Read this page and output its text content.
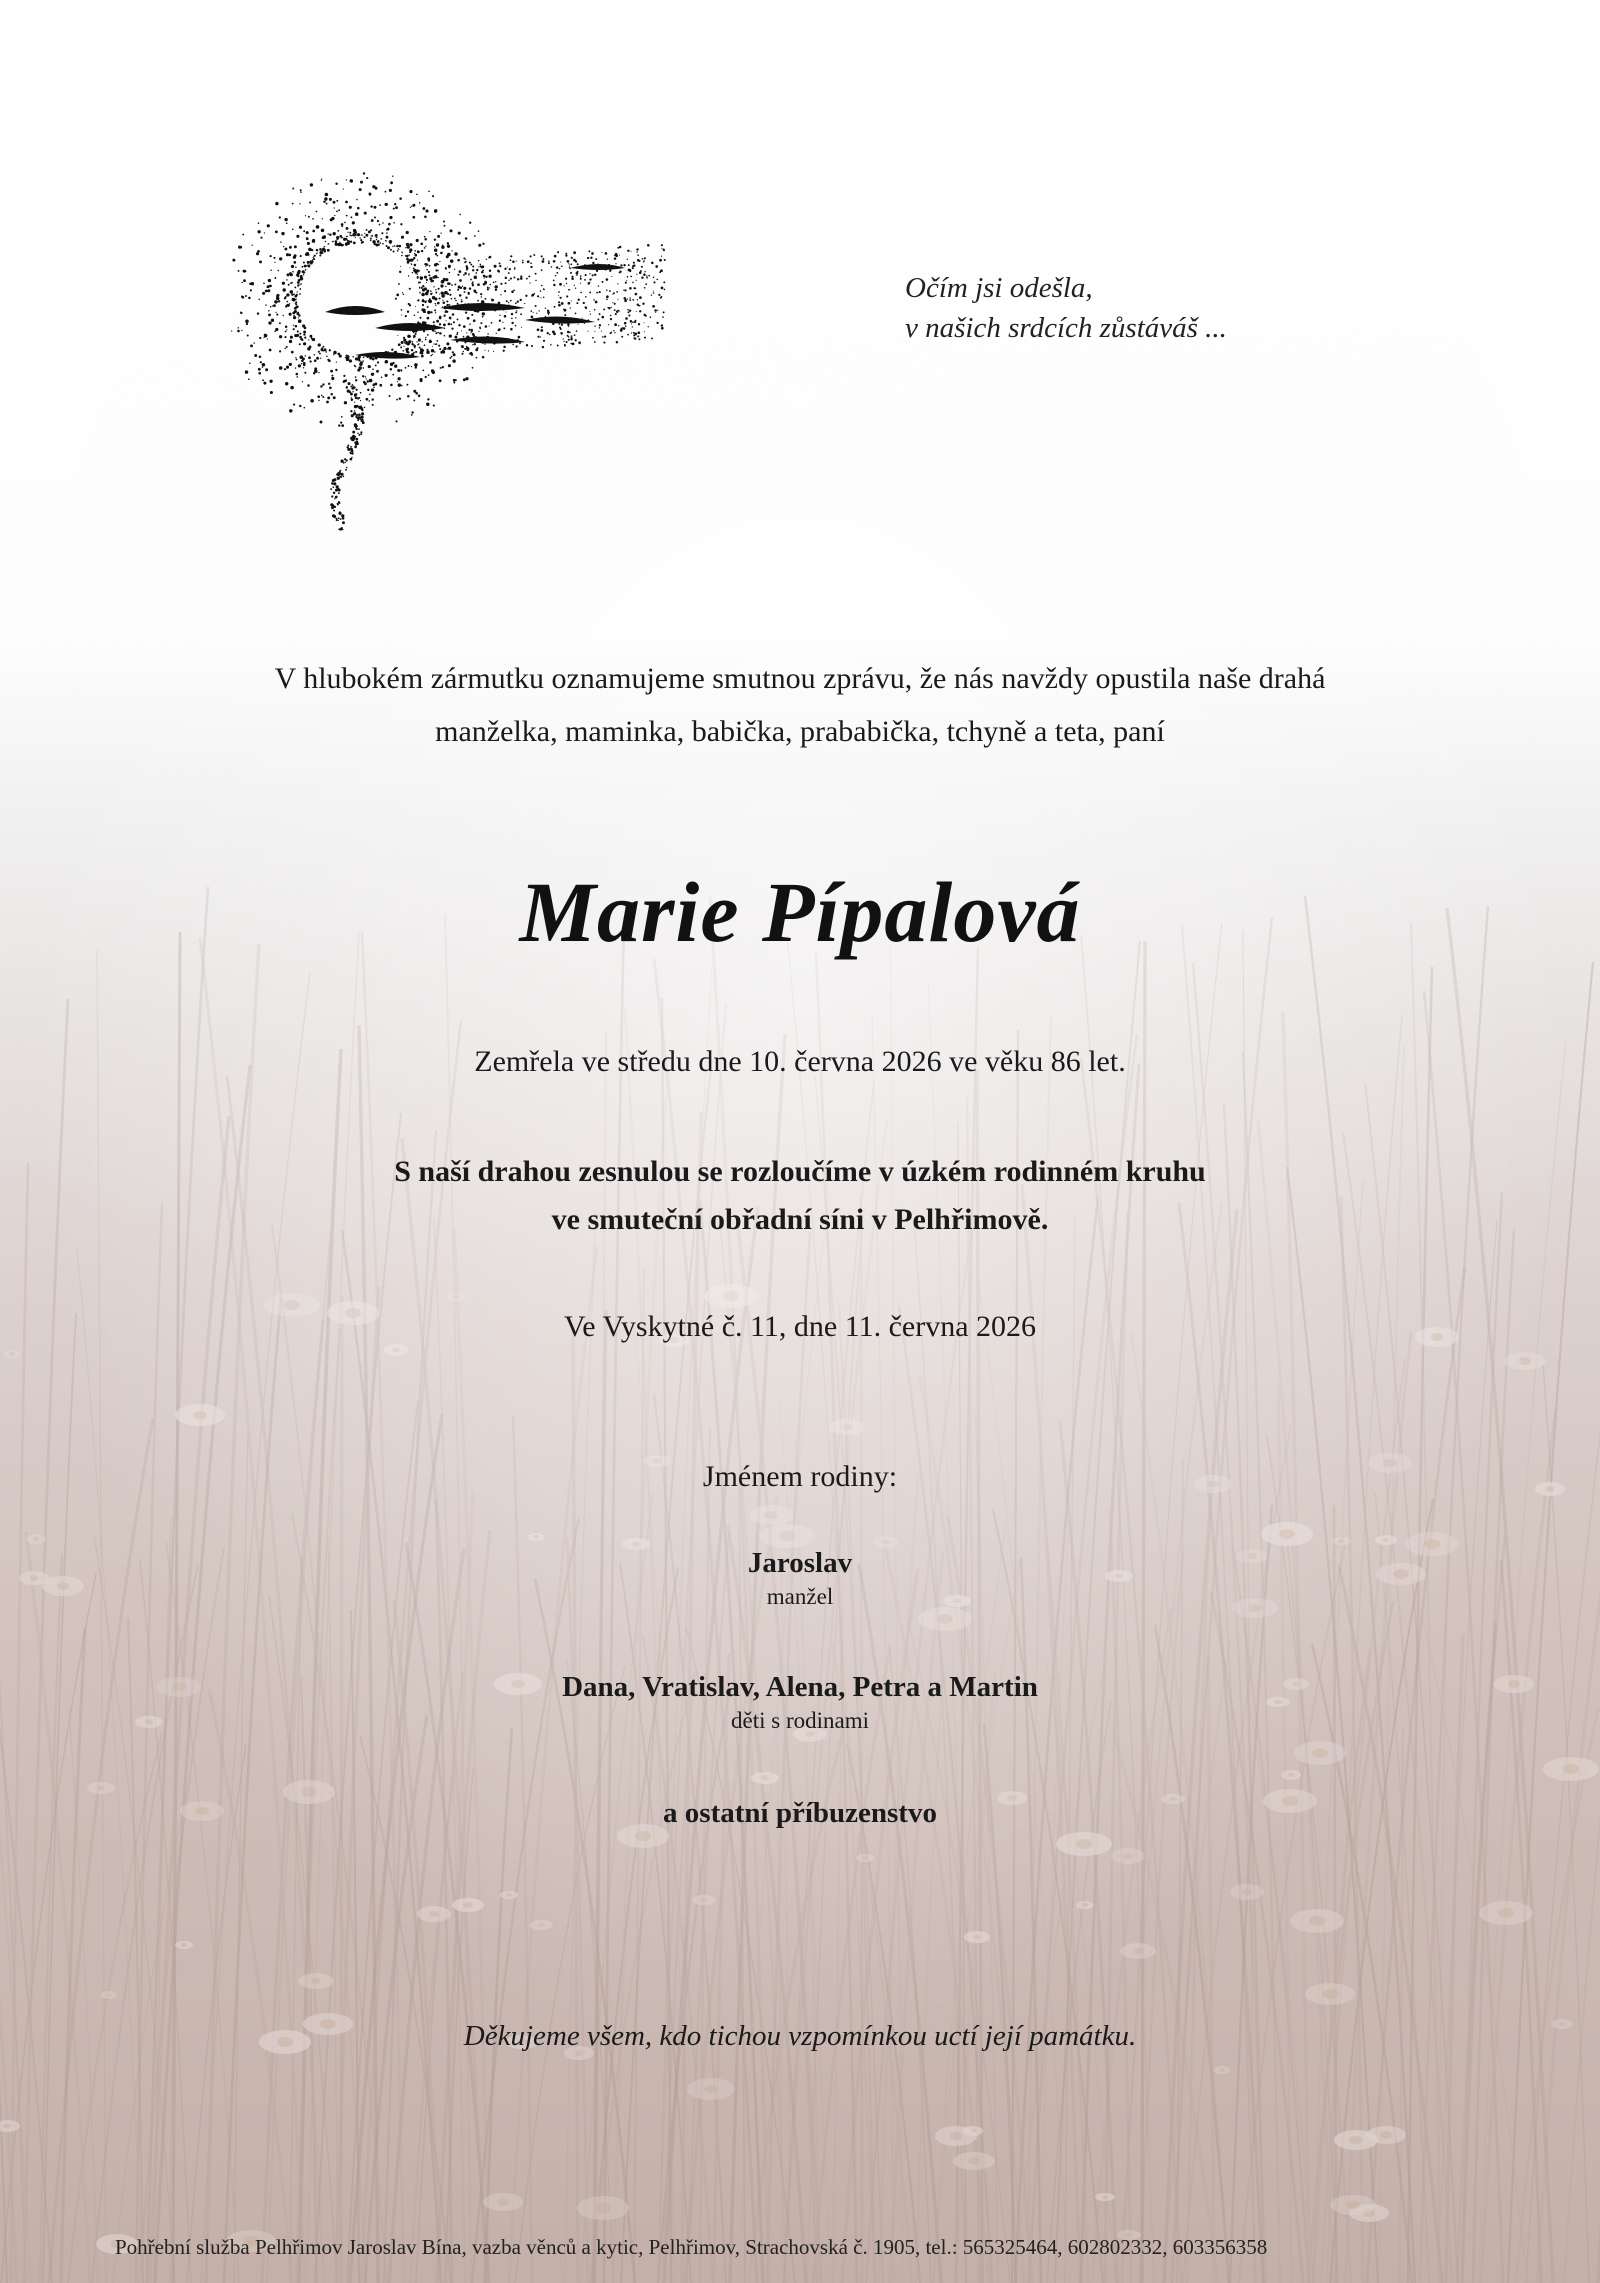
Očím jsi odešla,
v našich srdcích zůstáváš ...
V hlubokém zármutku oznamujeme smutnou zprávu, že nás navždy opustila naše drahá
manželka, maminka, babička, prababička, tchyně a teta, paní
Marie Pípalová
Zemřela ve středu dne 10. června 2026 ve věku 86 let.
S naší drahou zesnulou se rozloučíme v úzkém rodinném kruhu
ve smuteční obřadní síni v Pelhřimově.
Ve Vyskytné č. 11, dne 11. června 2026
Jménem rodiny:
Jaroslav
manžel
Dana, Vratislav, Alena, Petra a Martin
děti s rodinami
a ostatní příbuzenstvo
Děkujeme všem, kdo tichou vzpomínkou uctí její památku.
Pohřební služba Pelhřimov Jaroslav Bína, vazba věnců a kytic, Pelhřimov, Strachovská č. 1905, tel.: 565325464, 602802332, 603356358
